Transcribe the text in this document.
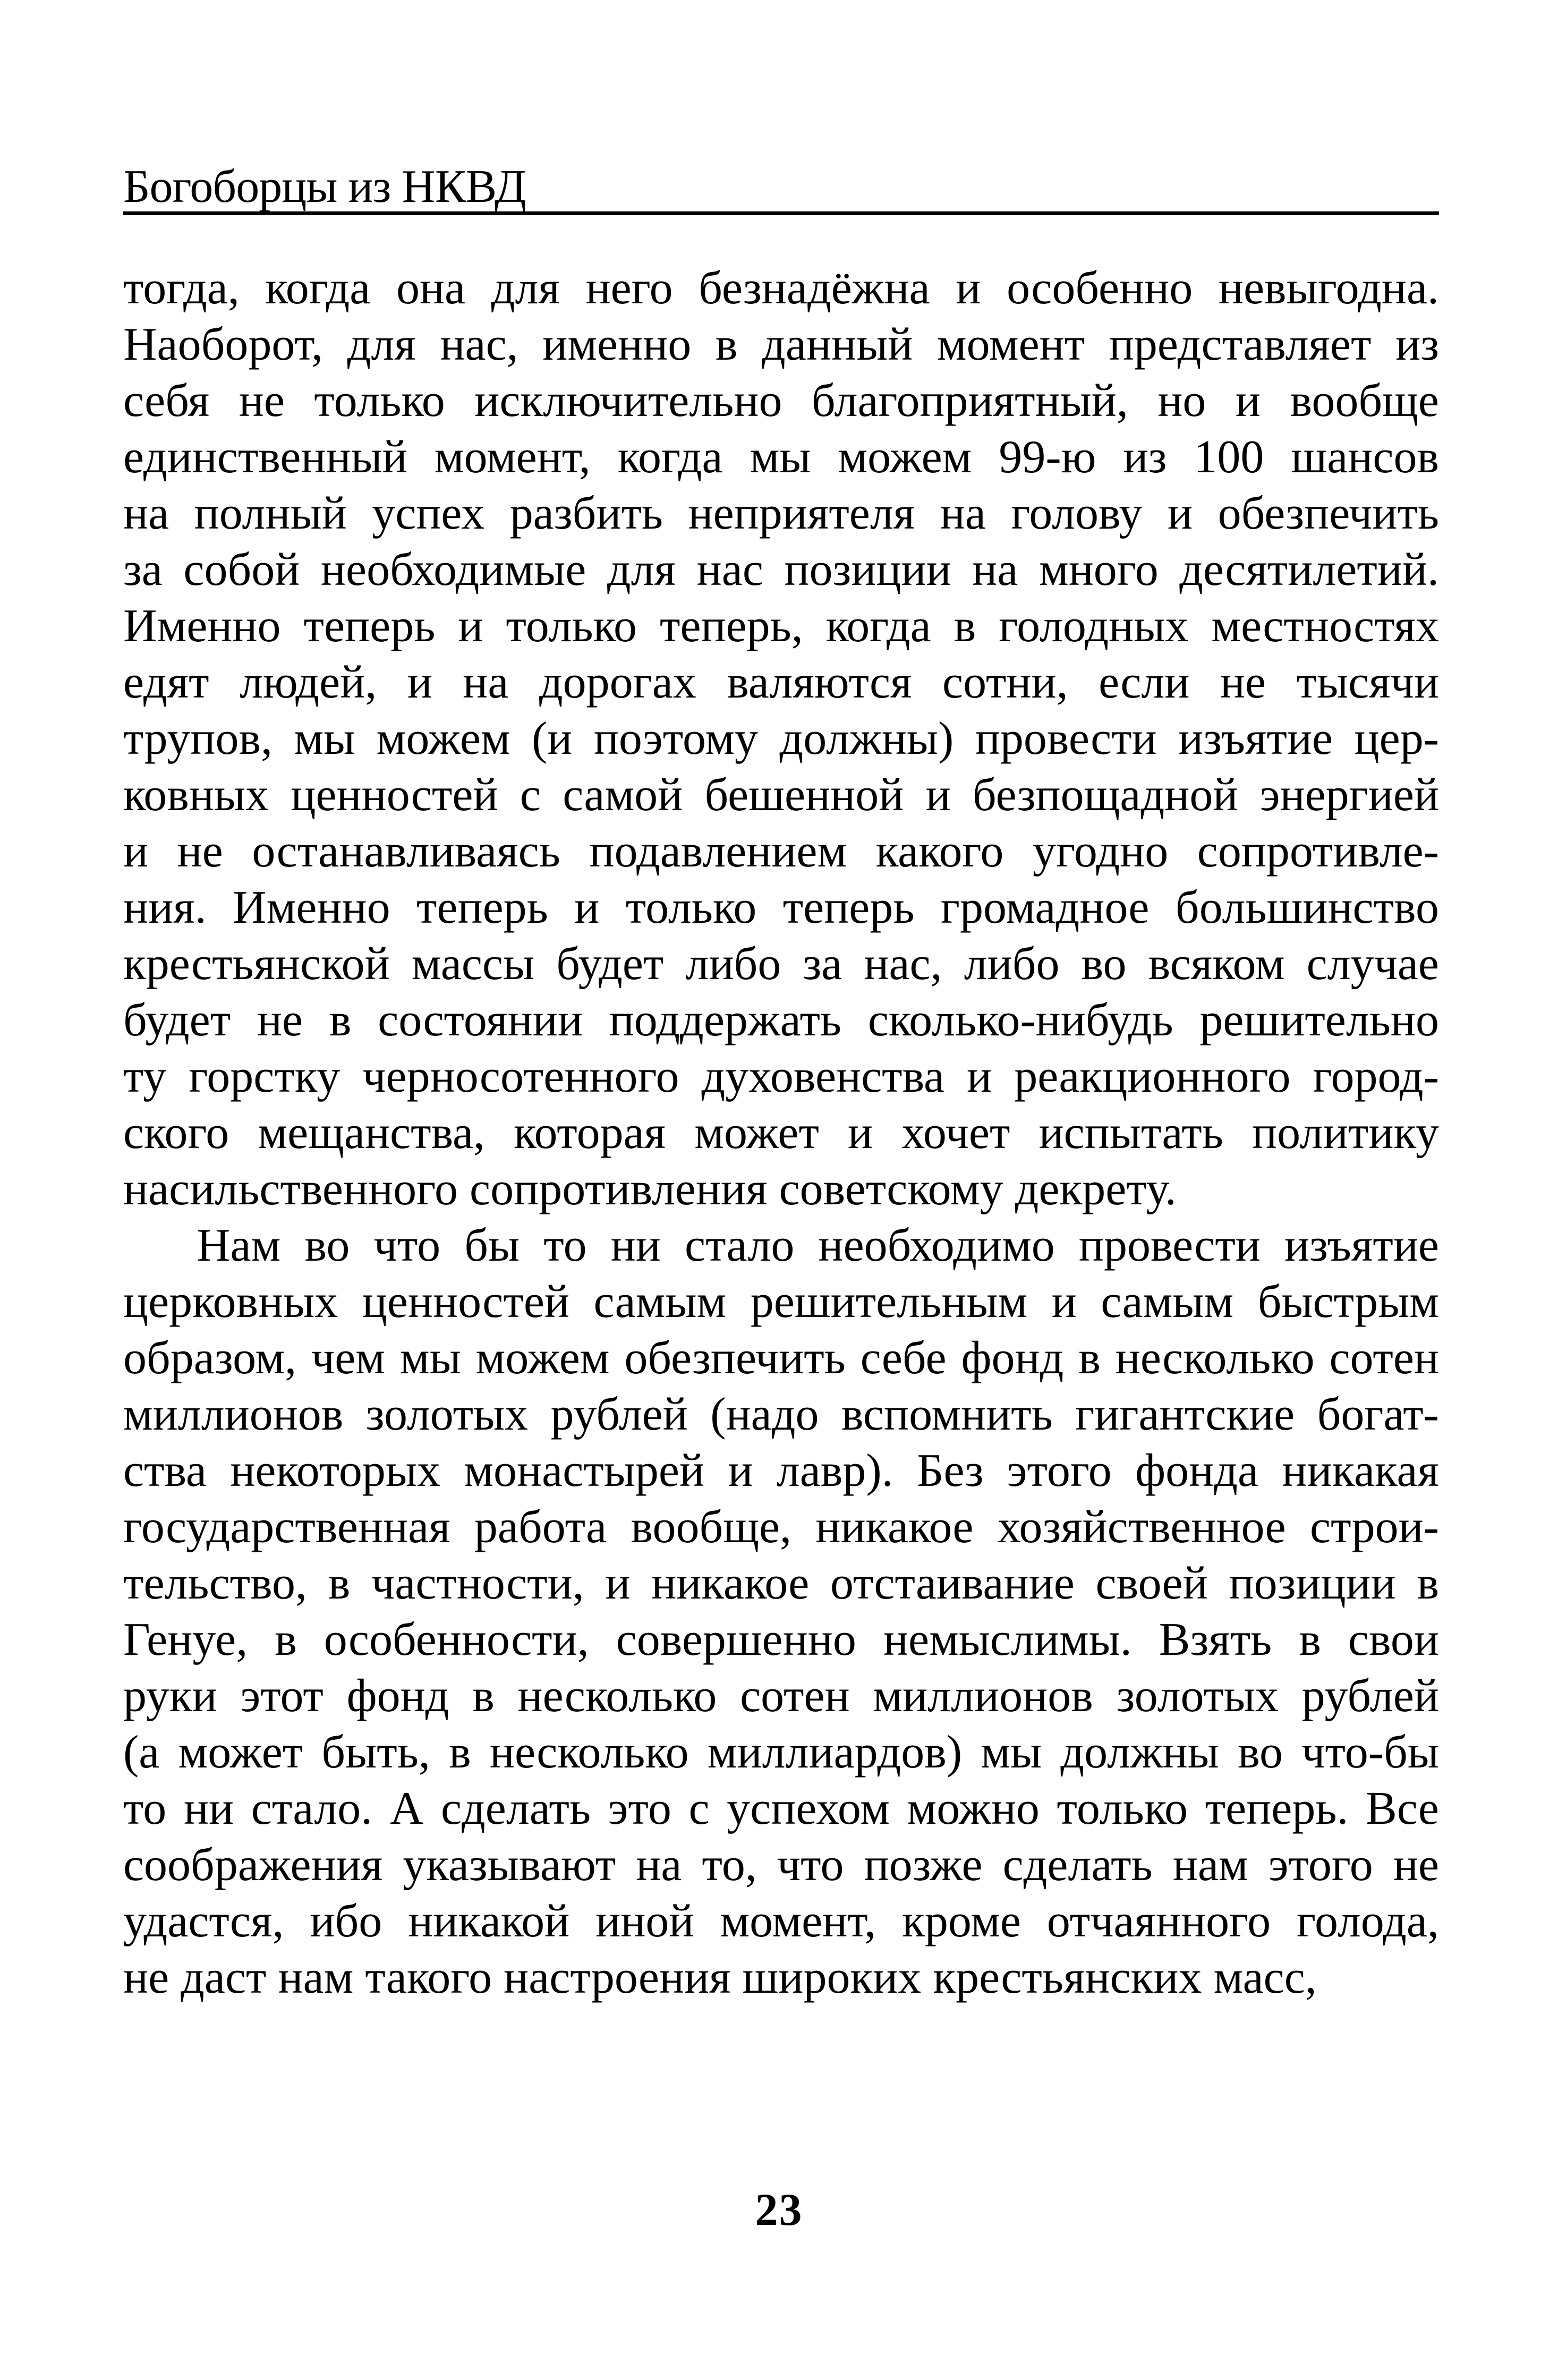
Богоборцы из НКВД
тогда, когда она для него безнадёжна и особенно невыгодна.
Наоборот, для нас, именно в данный момент представляет из
себя не только исключительно благоприятный, но и вообще
единственный момент, когда мы можем 99-ю из 100 шансов
на полный успех разбить неприятеля на голову и обезпечить
за собой необходимые для нас позиции на много десятилетий.
Именно теперь и только теперь, когда в голодных местностях
едят людей, и на дорогах валяются сотни, если не тысячи
трупов, мы можем (и поэтому должны) провести изъятие цер-
ковных ценностей с самой бешенной и безпощадной энергией
и не останавливаясь подавлением какого угодно сопротивле-
ния. Именно теперь и только теперь громадное большинство
крестьянской массы будет либо за нас, либо во всяком случае
будет не в состоянии поддержать сколько-нибудь решительно
ту горстку черносотенного духовенства и реакционного город-
ского мещанства, которая может и хочет испытать политику
насильственного сопротивления советскому декрету.
Нам во что бы то ни стало необходимо провести изъятие
церковных ценностей самым решительным и самым быстрым
образом, чем мы можем обезпечить себе фонд в несколько сотен
миллионов золотых рублей (надо вспомнить гигантские богат-
ства некоторых монастырей и лавр). Без этого фонда никакая
государственная работа вообще, никакое хозяйственное строи-
тельство, в частности, и никакое отстаивание своей позиции в
Генуе, в особенности, совершенно немыслимы. Взять в свои
руки этот фонд в несколько сотен миллионов золотых рублей
(а может быть, в несколько миллиардов) мы должны во что-бы
то ни стало. А сделать это с успехом можно только теперь. Все
соображения указывают на то, что позже сделать нам этого не
удастся, ибо никакой иной момент, кроме отчаянного голода,
не даст нам такого настроения широких крестьянских масс,
23
